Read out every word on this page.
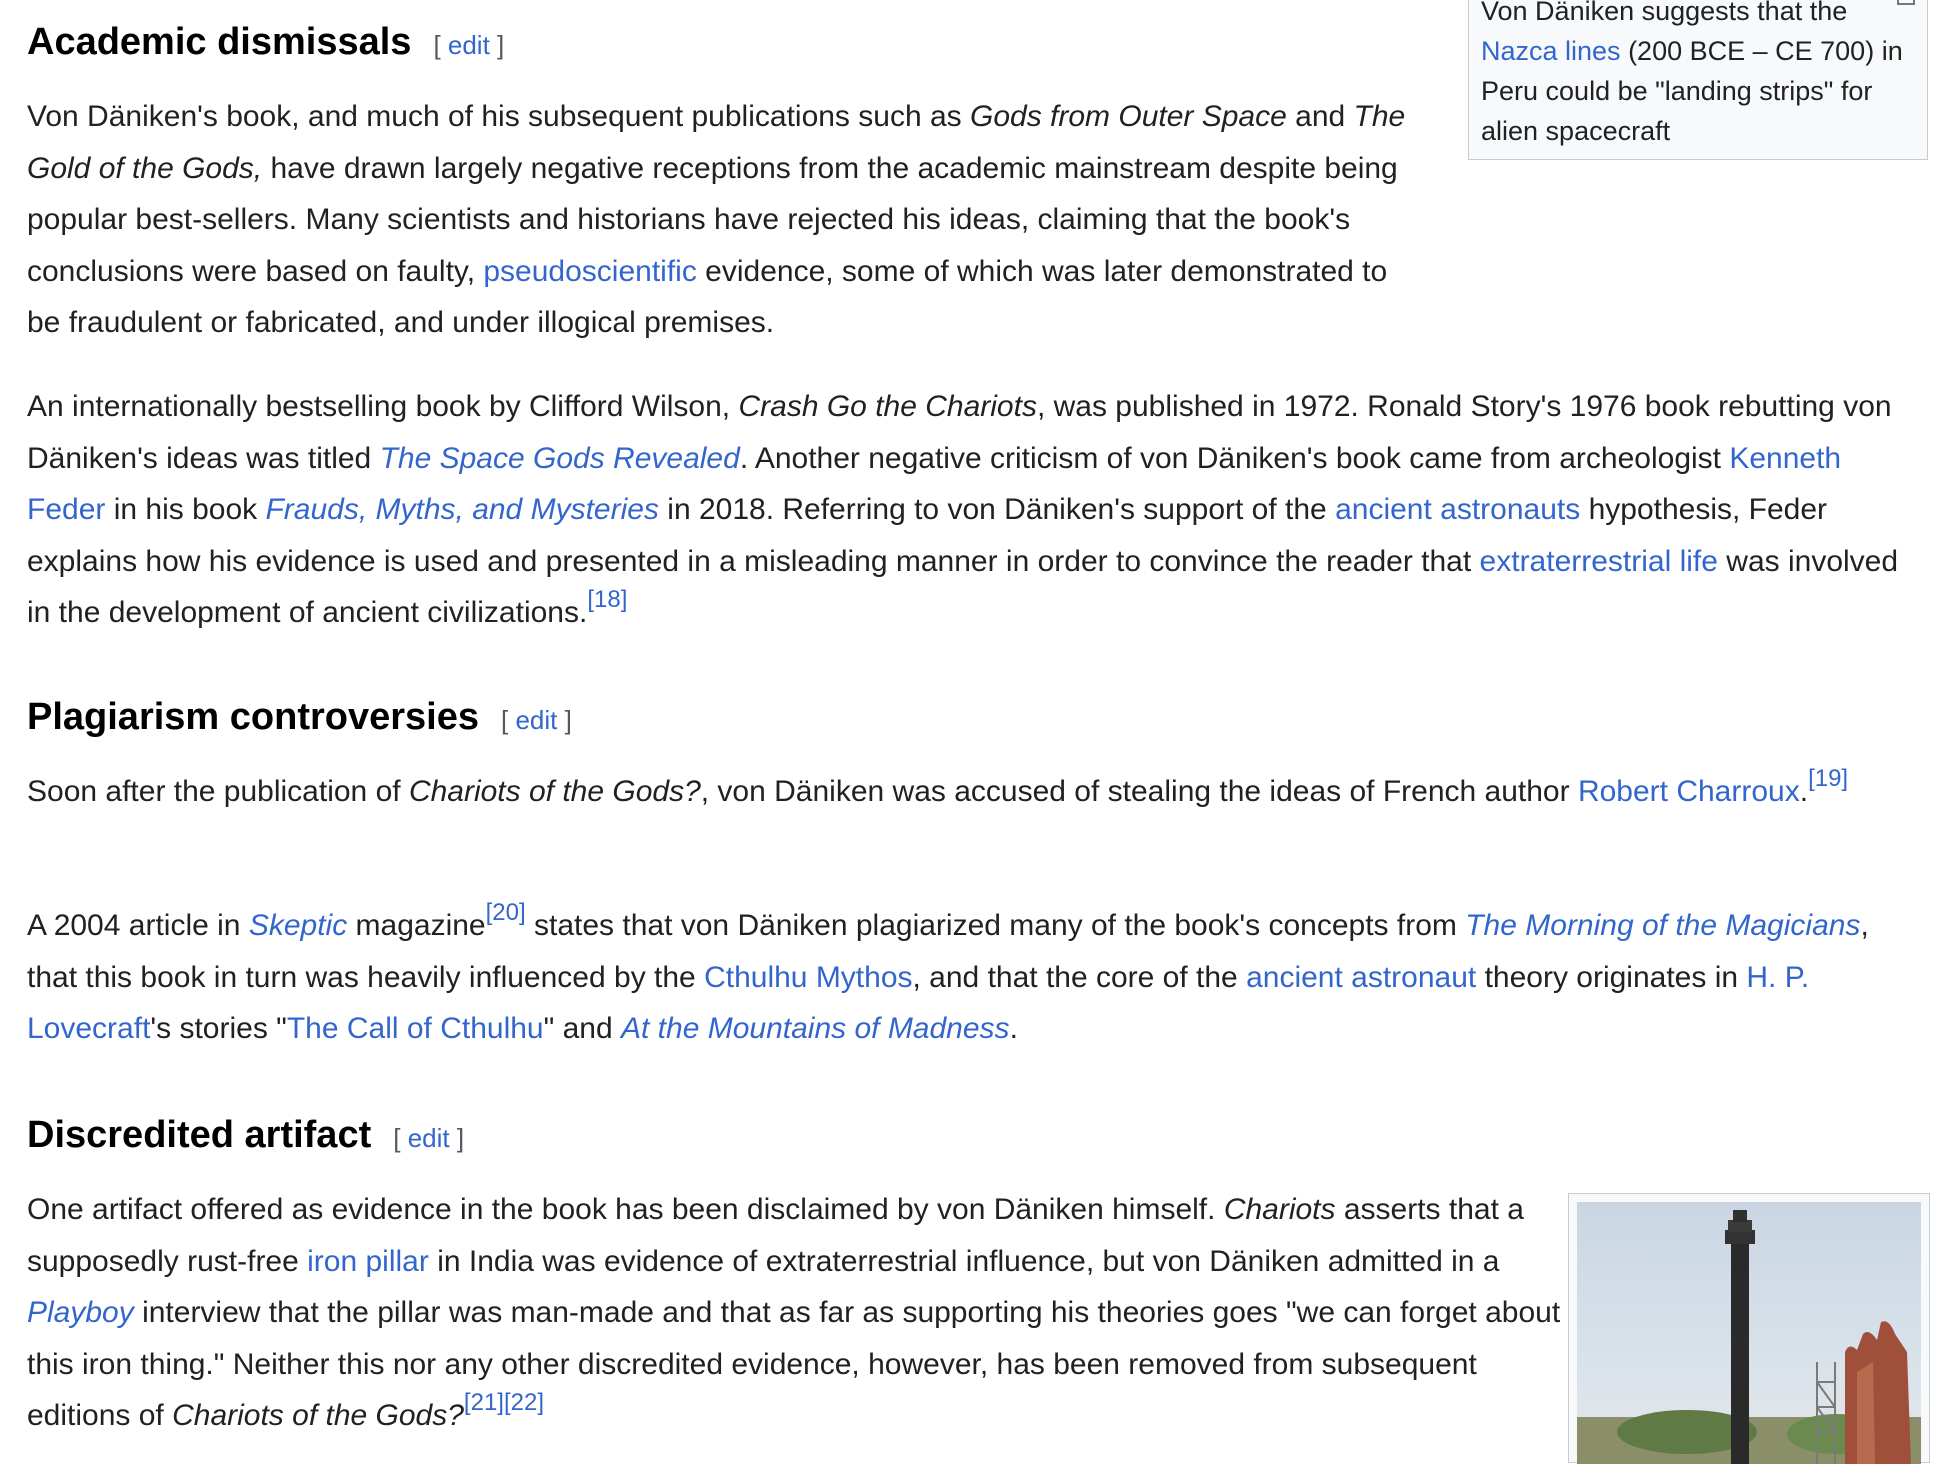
Academic dismissals [ edit ]

Von Däniken's book, and much of his subsequent publications such as Gods from Outer Space and The Gold of the Gods, have drawn largely negative receptions from the academic mainstream despite being popular best-sellers. Many scientists and historians have rejected his ideas, claiming that the book's conclusions were based on faulty, pseudoscientific evidence, some of which was later demonstrated to be fraudulent or fabricated, and under illogical premises.

An internationally bestselling book by Clifford Wilson, Crash Go the Chariots, was published in 1972. Ronald Story's 1976 book rebutting von Däniken's ideas was titled The Space Gods Revealed. Another negative criticism of von Däniken's book came from archeologist Kenneth Feder in his book Frauds, Myths, and Mysteries in 2018. Referring to von Däniken's support of the ancient astronauts hypothesis, Feder explains how his evidence is used and presented in a misleading manner in order to convince the reader that extraterrestrial life was involved in the development of ancient civilizations.[18]

Plagiarism controversies [ edit ]

Soon after the publication of Chariots of the Gods?, von Däniken was accused of stealing the ideas of French author Robert Charroux.[19]

A 2004 article in Skeptic magazine[20] states that von Däniken plagiarized many of the book's concepts from The Morning of the Magicians, that this book in turn was heavily influenced by the Cthulhu Mythos, and that the core of the ancient astronaut theory originates in H. P. Lovecraft's stories "The Call of Cthulhu" and At the Mountains of Madness.

Discredited artifact [ edit ]

One artifact offered as evidence in the book has been disclaimed by von Däniken himself. Chariots asserts that a supposedly rust-free iron pillar in India was evidence of extraterrestrial influence, but von Däniken admitted in a Playboy interview that the pillar was man-made and that as far as supporting his theories goes "we can forget about this iron thing." Neither this nor any other discredited evidence, however, has been removed from subsequent editions of Chariots of the Gods?[21][22]

Von Däniken suggests that the Nazca lines (200 BCE – CE 700) in Peru could be "landing strips" for alien spacecraft
